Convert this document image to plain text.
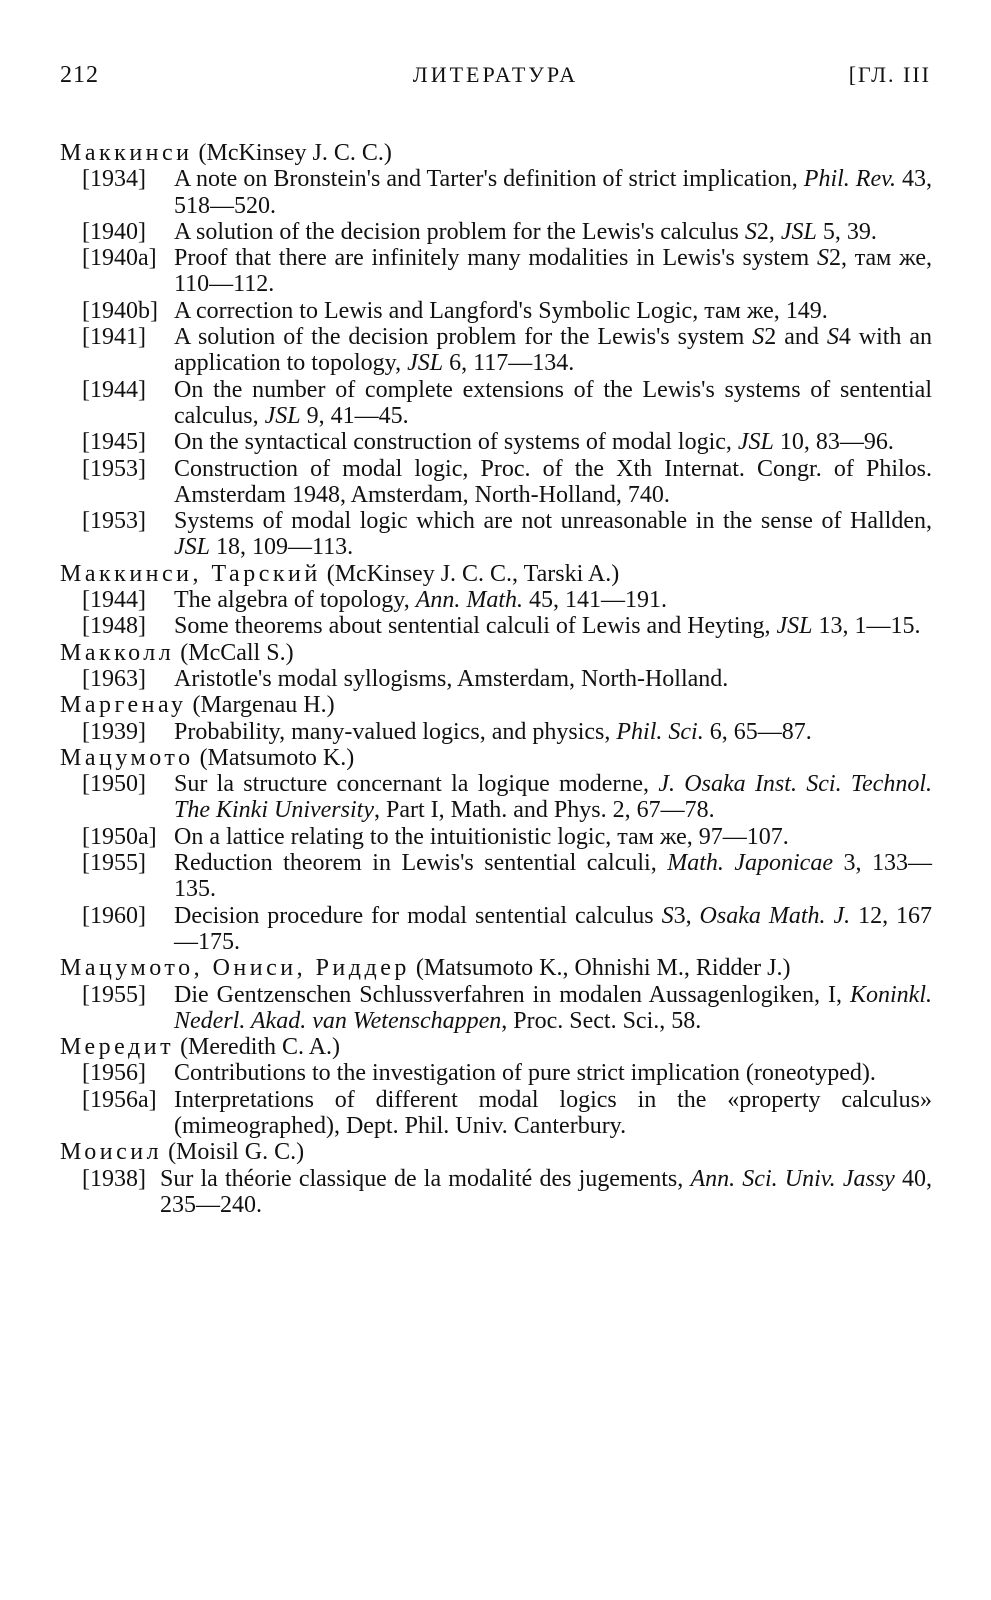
212	ЛИТЕРАТУРА	[ГЛ. III
Маккинси (McKinsey J. C. C.)
[1934]	A note on Bronstein's and Tarter's definition of strict implication, Phil. Rev. 43, 518—520.
[1940]	A solution of the decision problem for the Lewis's calculus S2, JSL 5, 39.
[1940a] Proof that there are infinitely many modalities in Lewis's system S2, там же, 110—112.
[1940b] A correction to Lewis and Langford's Symbolic Logic, там же, 149.
[1941]	A solution of the decision problem for the Lewis's system S2 and S4 with an application to topology, JSL 6, 117—134.
[1944]	On the number of complete extensions of the Lewis's systems of sentential calculus, JSL 9, 41—45.
[1945]	On the syntactical construction of systems of modal logic, JSL 10, 83—96.
[1953]	Construction of modal logic, Proc. of the Xth Internat. Congr. of Philos. Amsterdam 1948, Amsterdam, North-Holland, 740.
[1953]	Systems of modal logic which are not unreasonable in the sense of Hallden, JSL 18, 109—113.
Маккинси, Тарский (McKinsey J. C. C., Tarski A.)
[1944]	The algebra of topology, Ann. Math. 45, 141—191.
[1948]	Some theorems about sentential calculi of Lewis and Heyting, JSL 13, 1—15.
Макколл (McCall S.)
[1963]	Aristotle's modal syllogisms, Amsterdam, North-Holland.
Маргенау (Margenau H.)
[1939]	Probability, many-valued logics, and physics, Phil. Sci. 6, 65—87.
Мацумото (Matsumoto K.)
[1950]	Sur la structure concernant la logique moderne, J. Osaka Inst. Sci. Technol. The Kinki University, Part I, Math. and Phys. 2, 67—78.
[1950a] On a lattice relating to the intuitionistic logic, там же, 97—107.
[1955]	Reduction theorem in Lewis's sentential calculi, Math. Japonicae 3, 133—135.
[1960]	Decision procedure for modal sentential calculus S3, Osaka Math. J. 12, 167—175.
Мацумото, Ониси, Риддер (Matsumoto K., Ohnishi M., Ridder J.)
[1955]	Die Gentzenschen Schlussverfahren in modalen Aussagenlogiken, I, Koninkl. Nederl. Akad. van Wetenschappen, Proc. Sect. Sci., 58.
Мередит (Meredith C. A.)
[1956]	Contributions to the investigation of pure strict implication (roneotyped).
[1956a] Interpretations of different modal logics in the «property calculus» (mimeographed), Dept. Phil. Univ. Canterbury.
Моисил (Moisil G. C.)
[1938] Sur la théorie classique de la modalité des jugements, Ann. Sci. Univ. Jassy 40, 235—240.
